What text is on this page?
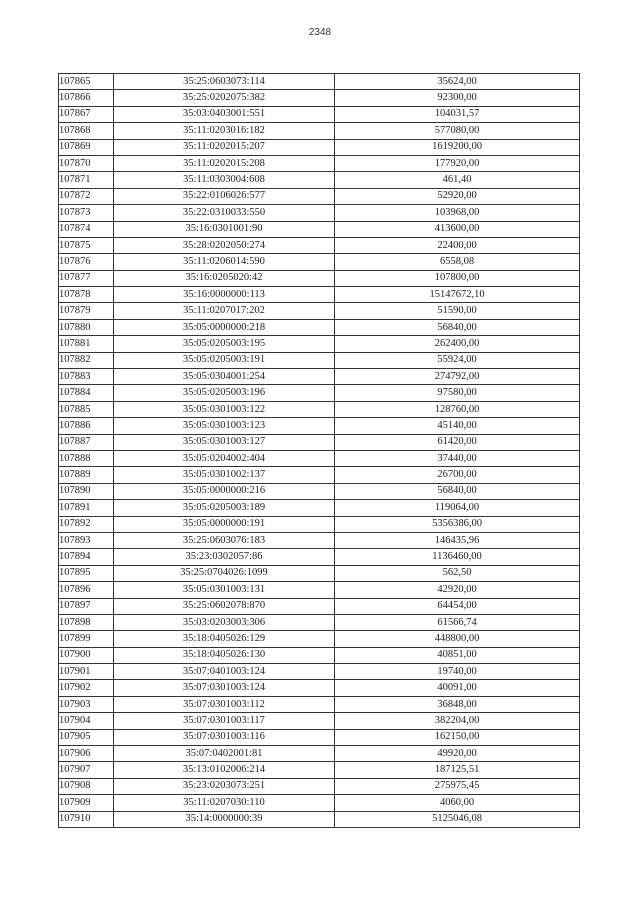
2348
107865	35:25:0603073:114	35624,00
107866	35:25:0202075:382	92300,00
107867	35:03:0403001:551	104031,57
107868	35:11:0203016:182	577080,00
107869	35:11:0202015:207	1619200,00
107870	35:11:0202015:208	177920,00
107871	35:11:0303004:608	461,40
107872	35:22:0106026:577	52920,00
107873	35:22:0310033:550	103968,00
107874	35:16:0301001:90	413600,00
107875	35:28:0202050:274	22400,00
107876	35:11:0206014:590	6558,08
107877	35:16:0205020:42	107800,00
107878	35:16:0000000:113	15147672,10
107879	35:11:0207017:202	51590,00
107880	35:05:0000000:218	56840,00
107881	35:05:0205003:195	262400,00
107882	35:05:0205003:191	55924,00
107883	35:05:0304001:254	274792,00
107884	35:05:0205003:196	97580,00
107885	35:05:0301003:122	128760,00
107886	35:05:0301003:123	45140,00
107887	35:05:0301003:127	61420,00
107888	35:05:0204002:404	37440,00
107889	35:05:0301002:137	26700,00
107890	35:05:0000000:216	56840,00
107891	35:05:0205003:189	119064,00
107892	35:05:0000000:191	5356386,00
107893	35:25:0603076:183	146435,96
107894	35:23:0302057:86	1136460,00
107895	35:25:0704026:1099	562,50
107896	35:05:0301003:131	42920,00
107897	35:25:0602078:870	64454,00
107898	35:03:0203003:306	61566,74
107899	35:18:0405026:129	448800,00
107900	35:18:0405026:130	40851,00
107901	35:07:0401003:124	19740,00
107902	35:07:0301003:124	40091,00
107903	35:07:0301003:112	36848,00
107904	35:07:0301003:117	382204,00
107905	35:07:0301003:116	162150,00
107906	35:07:0402001:81	49920,00
107907	35:13:0102006:214	187125,51
107908	35:23:0203073:251	275975,45
107909	35:11:0207030:110	4060,00
107910	35:14:0000000:39	5125046,08
